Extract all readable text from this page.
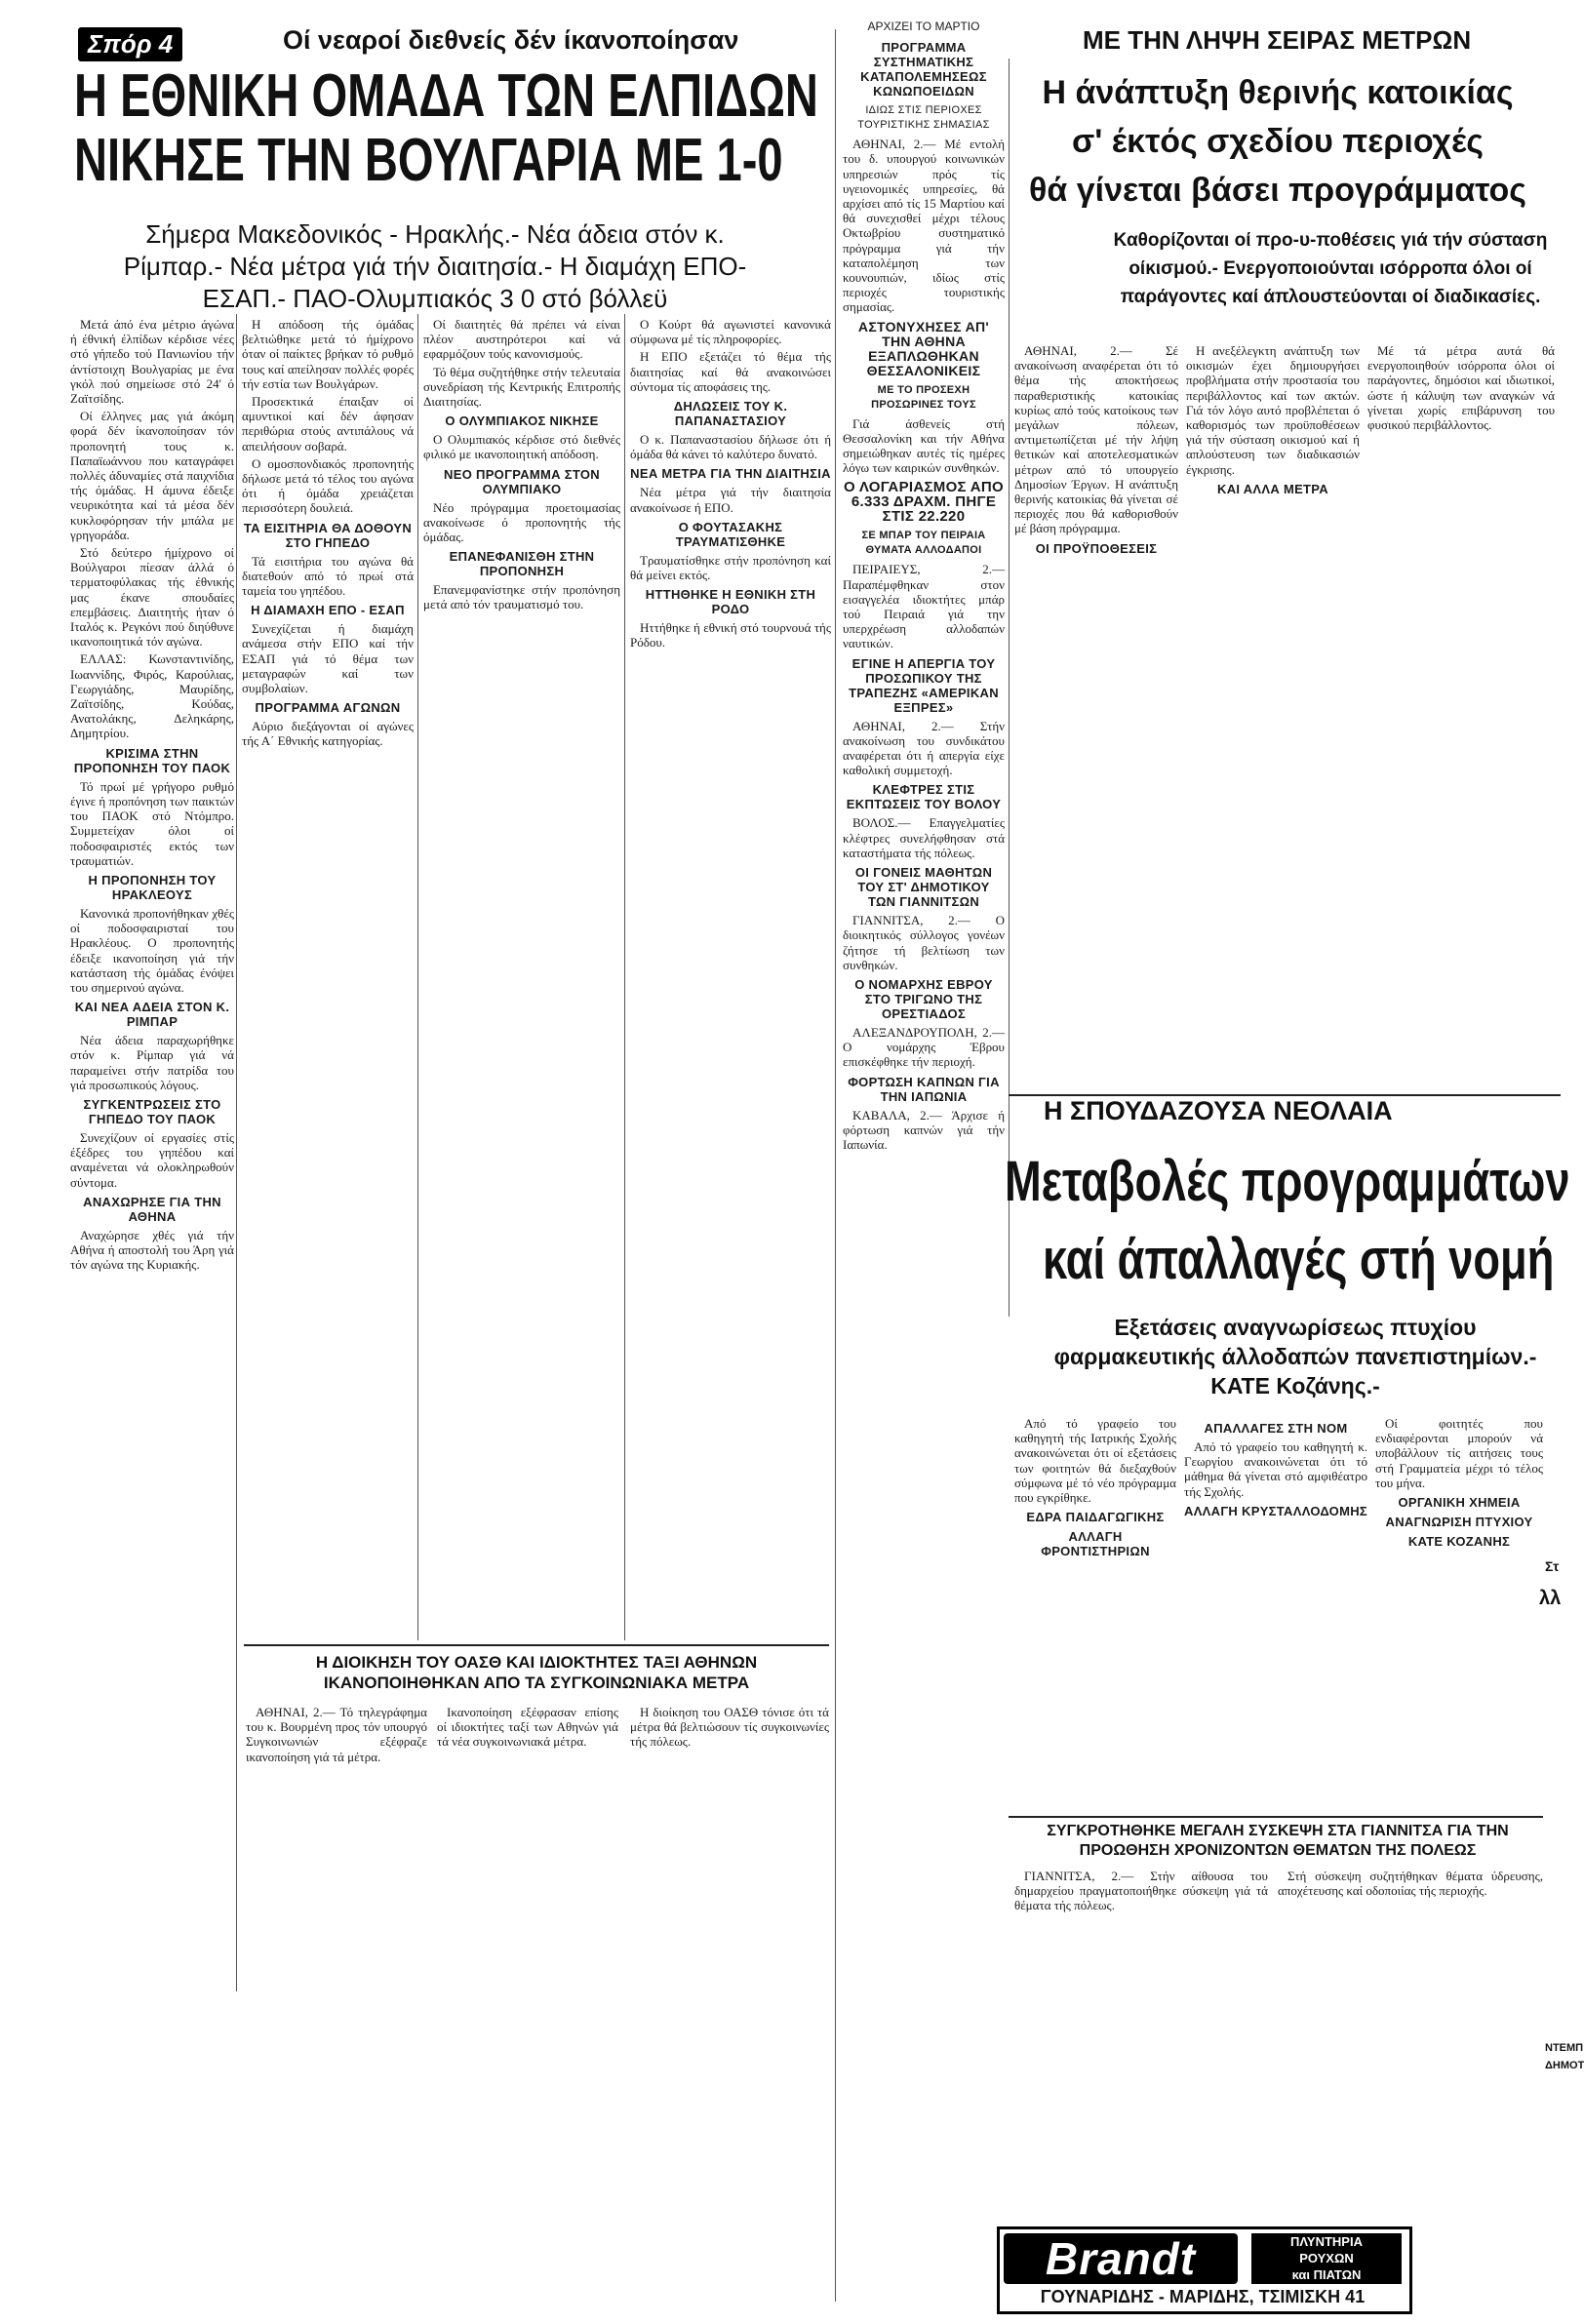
Σπόρ 4	Οί νεαροί διεθνείς δέν ίκανοποίησαν
Η ΕΘΝΙΚΗ ΟΜΑΔΑ ΤΩΝ ΕΛΠΙΔΩΝ
ΝΙΚΗΣΕ ΤΗΝ ΒΟΥΛΓΑΡΙΑ ΜΕ 1-0
Σήμερα Μακεδονικός - Ηρακλής.- Νέα άδεια στόν κ. Ρίμπαρ.- Νέα μέτρα γιά τήν διαιτησία.- Η διαμάχη ΕΠΟ-ΕΣΑΠ.- ΠΑΟ-Ολυμπιακός 3 0 στό βόλλεϋ

Μετά άπό ένα μέτριο άγώνα ή έθνική έλπίδων κέρδισε νέες στό γήπεδο τού Πανιωνίου τήν άντίστοιχη Βουλγαρίας με ένα γκόλ πού σημείωσε στό 24' ό Ζαϊτσίδης.

Οί έλληνες μας γιά άκόμη φορά δέν ίκανοποίησαν τόν προπονητή τους κ. Παπαϊωάννου που καταγράφει πολλές άδυναμίες στά παιχνίδια τής όμάδας. Η άμυνα έδειξε νευρικότητα καί τά μέσα δέν κυκλοφόρησαν τήν μπάλα με γρηγοράδα.

Στό δεύτερο ήμίχρονο οί Βούλγαροι πίεσαν άλλά ό τερματοφύλακας τής έθνικής μας έκανε σπουδαίες επεμβάσεις. Διαιτητής ήταν ό Ιταλός κ. Ρεγκόνι πού διηύθυνε ικανοποιητικά τόν αγώνα.

ΕΛΛΑΣ: Κωνσταντινίδης, Ιωαννίδης, Φιρός, Καρούλιας, Γεωργιάδης, Μαυρίδης, Ζαϊτσίδης, Κούδας, Ανατολάκης, Δεληκάρης, Δημητρίου.

ΚΡΙΣΙΜΑ ΣΤΗΝ ΠΡΟΠΟΝΗΣΗ ΤΟΥ ΠΑΟΚ

Τό πρωί μέ γρήγορο ρυθμό έγινε ή προπόνηση των παικτών του ΠΑΟΚ στό Ντόμπρο. Συμμετείχαν όλοι οί ποδοσφαιριστές εκτός των τραυματιών.

Η ΠΡΟΠΟΝΗΣΗ ΤΟΥ ΗΡΑΚΛΕΟΥΣ

Κανονικά προπονήθηκαν χθές οί ποδοσφαιρισταί του Ηρακλέους. Ο προπονητής έδειξε ικανοποίηση γιά τήν κατάσταση τής όμάδας ένόψει του σημερινού αγώνα.

ΚΑΙ ΝΕΑ ΑΔΕΙΑ ΣΤΟΝ Κ. ΡΙΜΠΑΡ

Νέα άδεια παραχωρήθηκε στόν κ. Ρίμπαρ γιά νά παραμείνει στήν πατρίδα του γιά προσωπικούς λόγους.

ΣΥΓΚΕΝΤΡΩΣΕΙΣ ΣΤΟ ΓΗΠΕΔΟ ΤΟΥ ΠΑΟΚ

Συνεχίζουν οί εργασίες στίς έξέδρες του γηπέδου καί αναμένεται νά ολοκληρωθούν σύντομα.

ΑΝΑΧΩΡΗΣΕ ΓΙΑ ΤΗΝ ΑΘΗΝΑ

Αναχώρησε χθές γιά τήν Αθήνα ή αποστολή του Άρη γιά τόν αγώνα της Κυριακής.

Η απόδοση τής όμάδας βελτιώθηκε μετά τό ήμίχρονο όταν οί παίκτες βρήκαν τό ρυθμό τους καί απείλησαν πολλές φορές τήν εστία των Βουλγάρων.

Προσεκτικά έπαιξαν οί αμυντικοί καί δέν άφησαν περιθώρια στούς αντιπάλους νά απειλήσουν σοβαρά.

Ο ομοσπονδιακός προπονητής δήλωσε μετά τό τέλος του αγώνα ότι ή όμάδα χρειάζεται περισσότερη δουλειά.

ΤΑ ΕΙΣΙΤΗΡΙΑ ΘΑ ΔΟΘΟΥΝ ΣΤΟ ΓΗΠΕΔΟ

Τά εισιτήρια του αγώνα θά διατεθούν από τό πρωί στά ταμεία του γηπέδου.

Η ΔΙΑΜΑΧΗ ΕΠΟ - ΕΣΑΠ

Συνεχίζεται ή διαμάχη ανάμεσα στήν ΕΠΟ καί τήν ΕΣΑΠ γιά τό θέμα των μεταγραφών καί των συμβολαίων.

ΠΡΟΓΡΑΜΜΑ ΑΓΩΝΩΝ

Αύριο διεξάγονται οί αγώνες τής Α΄ Εθνικής κατηγορίας.

Οί διαιτητές θά πρέπει νά είναι πλέον αυστηρότεροι καί νά εφαρμόζουν τούς κανονισμούς.

Τό θέμα συζητήθηκε στήν τελευταία συνεδρίαση τής Κεντρικής Επιτροπής Διαιτησίας.

Ο ΟΛΥΜΠΙΑΚΟΣ ΝΙΚΗΣΕ

Ο Ολυμπιακός κέρδισε στό διεθνές φιλικό με ικανοποιητική απόδοση.

ΝΕΟ ΠΡΟΓΡΑΜΜΑ ΣΤΟΝ ΟΛΥΜΠΙΑΚΟ

Νέο πρόγραμμα προετοιμασίας ανακοίνωσε ό προπονητής τής όμάδας.

ΕΠΑΝΕΦΑΝΙΣΘΗ ΣΤΗΝ ΠΡΟΠΟΝΗΣΗ

Επανεμφανίστηκε στήν προπόνηση μετά από τόν τραυματισμό του.

Ο Κούρτ θά αγωνιστεί κανονικά σύμφωνα μέ τίς πληροφορίες.

Η ΕΠΟ εξετάζει τό θέμα τής διαιτησίας καί θά ανακοινώσει σύντομα τίς αποφάσεις της.

ΔΗΛΩΣΕΙΣ ΤΟΥ Κ. ΠΑΠΑΝΑΣΤΑΣΙΟΥ

Ο κ. Παπαναστασίου δήλωσε ότι ή όμάδα θά κάνει τό καλύτερο δυνατό.

ΝΕΑ ΜΕΤΡΑ ΓΙΑ ΤΗΝ ΔΙΑΙΤΗΣΙΑ

Νέα μέτρα γιά τήν διαιτησία ανακοίνωσε ή ΕΠΟ.

Ο ΦΟΥΤΑΣΑΚΗΣ ΤΡΑΥΜΑΤΙΣΘΗΚΕ

Τραυματίσθηκε στήν προπόνηση καί θά μείνει εκτός.

ΗΤΤΗΘΗΚΕ Η ΕΘΝΙΚΗ ΣΤΗ ΡΟΔΟ

Ηττήθηκε ή εθνική στό τουρνουά τής Ρόδου.

Η ΔΙΟΙΚΗΣΗ ΤΟΥ ΟΑΣΘ ΚΑΙ ΙΔΙΟΚΤΗΤΕΣ ΤΑΞΙ ΑΘΗΝΩΝ ΙΚΑΝΟΠΟΙΗΘΗΚΑΝ ΑΠΟ ΤΑ ΣΥΓΚΟΙΝΩΝΙΑΚΑ ΜΕΤΡΑ

ΑΘΗΝΑΙ, 2.— Τό τηλεγράφημα του κ. Βουρμένη προς τόν υπουργό Συγκοινωνιών εξέφραζε ικανοποίηση γιά τά μέτρα.

Ικανοποίηση εξέφρασαν επίσης οί ιδιοκτήτες ταξί των Αθηνών γιά τά νέα συγκοινωνιακά μέτρα.

Η διοίκηση του ΟΑΣΘ τόνισε ότι τά μέτρα θά βελτιώσουν τίς συγκοινωνίες τής πόλεως.

ΑΡΧΙΖΕΙ ΤΟ ΜΑΡΤΙΟ
ΠΡΟΓΡΑΜΜΑ ΣΥΣΤΗΜΑΤΙΚΗΣ ΚΑΤΑΠΟΛΕΜΗΣΕΩΣ ΚΩΝΩΠΟΕΙΔΩΝ
ΙΔΙΩΣ ΣΤΙΣ ΠΕΡΙΟΧΕΣ ΤΟΥΡΙΣΤΙΚΗΣ ΣΗΜΑΣΙΑΣ

ΑΘΗΝΑΙ, 2.— Μέ εντολή του δ. υπουργού κοινωνικών υπηρεσιών πρός τίς υγειονομικές υπηρεσίες, θά αρχίσει από τίς 15 Μαρτίου καί θά συνεχισθεί μέχρι τέλους Οκτωβρίου συστηματικό πρόγραμμα γιά τήν καταπολέμηση των κουνουπιών, ιδίως στίς περιοχές τουριστικής σημασίας.

ΑΣΤΟΝΥΧΗΣΕΣ ΑΠ' ΤΗΝ ΑΘΗΝΑ ΕΞΑΠΛΩΘΗΚΑΝ ΘΕΣΣΑΛΟΝΙΚΕΙΣ
ΜΕ ΤΟ ΠΡΟΣΕΧΗ ΠΡΟΣΩΡΙΝΕΣ ΤΟΥΣ

Γιά άσθενείς στή Θεσσαλονίκη και τήν Αθήνα σημειώθηκαν αυτές τίς ημέρες λόγω των καιρικών συνθηκών.

Ο ΛΟΓΑΡΙΑΣΜΟΣ ΑΠΟ 6.333 ΔΡΑΧΜ. ΠΗΓΕ ΣΤΙΣ 22.220
ΣΕ ΜΠΑΡ ΤΟΥ ΠΕΙΡΑΙΑ ΘΥΜΑΤΑ ΑΛΛΟΔΑΠΟΙ

ΠΕΙΡΑΙΕΥΣ, 2.— Παραπέμφθηκαν στον εισαγγελέα ιδιοκτήτες μπάρ τού Πειραιά γιά την υπερχρέωση αλλοδαπών ναυτικών.

ΕΓΙΝΕ Η ΑΠΕΡΓΙΑ ΤΟΥ ΠΡΟΣΩΠΙΚΟΥ ΤΗΣ ΤΡΑΠΕΖΗΣ «ΑΜΕΡΙΚΑΝ ΕΞΠΡΕΣ»

ΑΘΗΝΑΙ, 2.— Στήν ανακοίνωση του συνδικάτου αναφέρεται ότι ή απεργία είχε καθολική συμμετοχή.

ΚΛΕΦΤΡΕΣ ΣΤΙΣ ΕΚΠΤΩΣΕΙΣ ΤΟΥ ΒΟΛΟΥ

ΒΟΛΟΣ.— Επαγγελματίες κλέφτρες συνελήφθησαν στά καταστήματα τής πόλεως.

ΟΙ ΓΟΝΕΙΣ ΜΑΘΗΤΩΝ ΤΟΥ ΣΤ' ΔΗΜΟΤΙΚΟΥ ΤΩΝ ΓΙΑΝΝΙΤΣΩΝ

ΓΙΑΝΝΙΤΣΑ, 2.— Ο διοικητικός σύλλογος γονέων ζήτησε τή βελτίωση των συνθηκών.

Ο ΝΟΜΑΡΧΗΣ ΕΒΡΟΥ ΣΤΟ ΤΡΙΓΩΝΟ ΤΗΣ ΟΡΕΣΤΙΑΔΟΣ

ΑΛΕΞΑΝΔΡΟΥΠΟΛΗ, 2.— Ο νομάρχης Έβρου επισκέφθηκε τήν περιοχή.

ΦΟΡΤΩΣΗ ΚΑΠΝΩΝ ΓΙΑ ΤΗΝ ΙΑΠΩΝΙΑ

ΚΑΒΑΛΑ, 2.— Άρχισε ή φόρτωση καπνών γιά τήν Ιαπωνία.

ΜΕ ΤΗΝ ΛΗΨΗ ΣΕΙΡΑΣ ΜΕΤΡΩΝ
Η άνάπτυξη θερινής κατοικίας
σ' έκτός σχεδίου περιοχές
θά γίνεται βάσει προγράμματος
Καθορίζονται οί προ-υ-ποθέσεις γιά τήν σύσταση οίκισμού.- Ενεργοποιούνται ισόρροπα όλοι οί παράγοντες καί άπλουστεύονται οί διαδικασίες.

ΑΘΗΝΑΙ, 2.— Σέ ανακοίνωση αναφέρεται ότι τό θέμα τής αποκτήσεως παραθεριστικής κατοικίας κυρίως από τούς κατοίκους των μεγάλων πόλεων, αντιμετωπίζεται μέ τήν λήψη θετικών καί αποτελεσματικών μέτρων από τό υπουργείο Δημοσίων Έργων. Η ανάπτυξη θερινής κατοικίας θά γίνεται σέ περιοχές που θά καθορισθούν μέ βάση πρόγραμμα.

ΟΙ ΠΡΟΫΠΟΘΕΣΕΙΣ

Η ανεξέλεγκτη ανάπτυξη των οικισμών έχει δημιουργήσει προβλήματα στήν προστασία του περιβάλλοντος καί των ακτών. Γιά τόν λόγο αυτό προβλέπεται ό καθορισμός των προϋποθέσεων γιά τήν σύσταση οικισμού καί ή απλούστευση των διαδικασιών έγκρισης.

ΚΑΙ ΑΛΛΑ ΜΕΤΡΑ

Μέ τά μέτρα αυτά θά ενεργοποιηθούν ισόρροπα όλοι οί παράγοντες, δημόσιοι καί ιδιωτικοί, ώστε ή κάλυψη των αναγκών νά γίνεται χωρίς επιβάρυνση του φυσικού περιβάλλοντος.

Η ΣΠΟΥΔΑΖΟΥΣΑ ΝΕΟΛΑΙΑ
Μεταβολές προγραμμάτων
καί άπαλλαγές στή νομή
Εξετάσεις αναγνωρίσεως πτυχίου φαρμακευτικής άλλοδαπών πανεπιστημίων.- ΚΑΤΕ Κοζάνης.-

Από τό γραφείο του καθηγητή τής Ιατρικής Σχολής ανακοινώνεται ότι οί εξετάσεις των φοιτητών θά διεξαχθούν σύμφωνα μέ τό νέο πρόγραμμα που εγκρίθηκε.

ΕΔΡΑ ΠΑΙΔΑΓΩΓΙΚΗΣ
ΑΛΛΑΓΗ ΦΡΟΝΤΙΣΤΗΡΙΩΝ
ΑΠΑΛΛΑΓΕΣ ΣΤΗ ΝΟΜ

Από τό γραφείο του καθηγητή κ. Γεωργίου ανακοινώνεται ότι τό μάθημα θά γίνεται στό αμφιθέατρο τής Σχολής.

ΑΛΛΑΓΗ ΚΡΥΣΤΑΛΛΟΔΟΜΗΣ

Οί φοιτητές που ενδιαφέρονται μπορούν νά υποβάλλουν τίς αιτήσεις τους στή Γραμματεία μέχρι τό τέλος του μήνα.

ΟΡΓΑΝΙΚΗ ΧΗΜΕΙΑ
ΑΝΑΓΝΩΡΙΣΗ ΠΤΥΧΙΟΥ
ΚΑΤΕ ΚΟΖΑΝΗΣ
ΣΥΓΚΡΟΤΗΘΗΚΕ ΜΕΓΑΛΗ ΣΥΣΚΕΨΗ ΣΤΑ ΓΙΑΝΝΙΤΣΑ ΓΙΑ ΤΗΝ ΠΡΟΩΘΗΣΗ ΧΡΟΝΙΖΟΝΤΩΝ ΘΕΜΑΤΩΝ ΤΗΣ ΠΟΛΕΩΣ

ΓΙΑΝΝΙΤΣΑ, 2.— Στήν αίθουσα του δημαρχείου πραγματοποιήθηκε σύσκεψη γιά τά θέματα τής πόλεως.

Στή σύσκεψη συζητήθηκαν θέματα ύδρευσης, αποχέτευσης καί οδοποιίας τής περιοχής.

Brandt	ΠΛΥΝΤΗΡΙΑ
ΡΟΥΧΩΝ
και ΠΙΑΤΩΝ
ΓΟΥΝΑΡΙΔΗΣ - ΜΑΡΙΔΗΣ, ΤΣΙΜΙΣΚΗ 41
Στ
λλ
ΝΤΕΜΠ
ΔΗΜΟΤ
